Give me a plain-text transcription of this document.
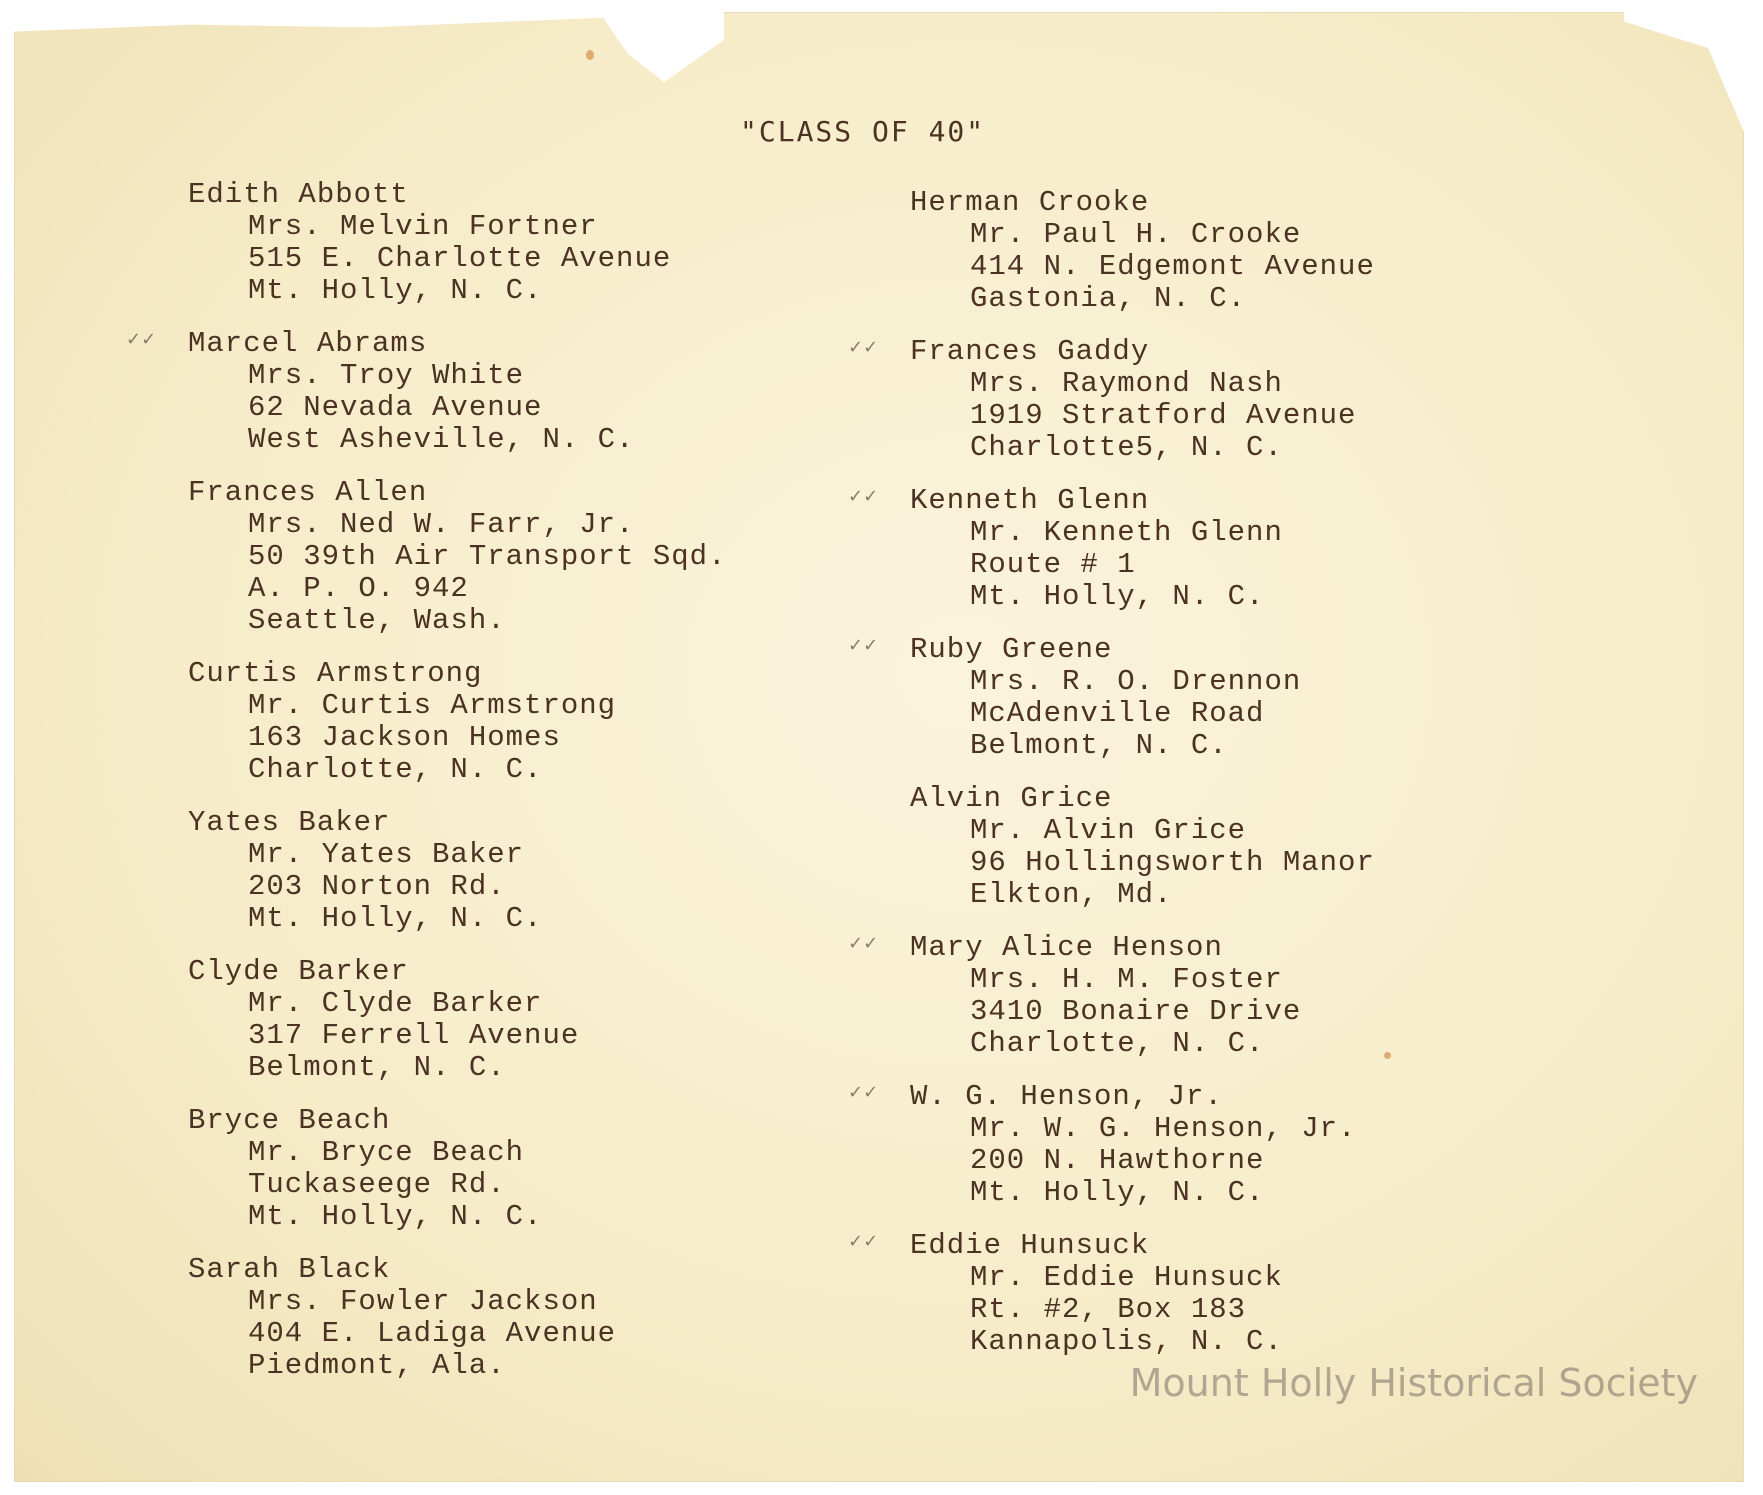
"CLASS OF 40"
Edith Abbott
Mrs. Melvin Fortner
515 E. Charlotte Avenue
Mt. Holly, N. C.
✓✓ Marcel Abrams
Mrs. Troy White
62 Nevada Avenue
West Asheville, N. C.
Frances Allen
Mrs. Ned W. Farr, Jr.
50 39th Air Transport Sqd.
A. P. O. 942
Seattle, Wash.
Curtis Armstrong
Mr. Curtis Armstrong
163 Jackson Homes
Charlotte, N. C.
Yates Baker
Mr. Yates Baker
203 Norton Rd.
Mt. Holly, N. C.
Clyde Barker
Mr. Clyde Barker
317 Ferrell Avenue
Belmont, N. C.
Bryce Beach
Mr. Bryce Beach
Tuckaseege Rd.
Mt. Holly, N. C.
Sarah Black
Mrs. Fowler Jackson
404 E. Ladiga Avenue
Piedmont, Ala.
Herman Crooke
Mr. Paul H. Crooke
414 N. Edgemont Avenue
Gastonia, N. C.
✓✓ Frances Gaddy
Mrs. Raymond Nash
1919 Stratford Avenue
Charlotte5, N. C.
✓✓ Kenneth Glenn
Mr. Kenneth Glenn
Route # 1
Mt. Holly, N. C.
✓✓ Ruby Greene
Mrs. R. O. Drennon
McAdenville Road
Belmont, N. C.
Alvin Grice
Mr. Alvin Grice
96 Hollingsworth Manor
Elkton, Md.
✓✓ Mary Alice Henson
Mrs. H. M. Foster
3410 Bonaire Drive
Charlotte, N. C.
✓✓ W. G. Henson, Jr.
Mr. W. G. Henson, Jr.
200 N. Hawthorne
Mt. Holly, N. C.
✓✓ Eddie Hunsuck
Mr. Eddie Hunsuck
Rt. #2, Box 183
Kannapolis, N. C.
Mount Holly Historical Society
